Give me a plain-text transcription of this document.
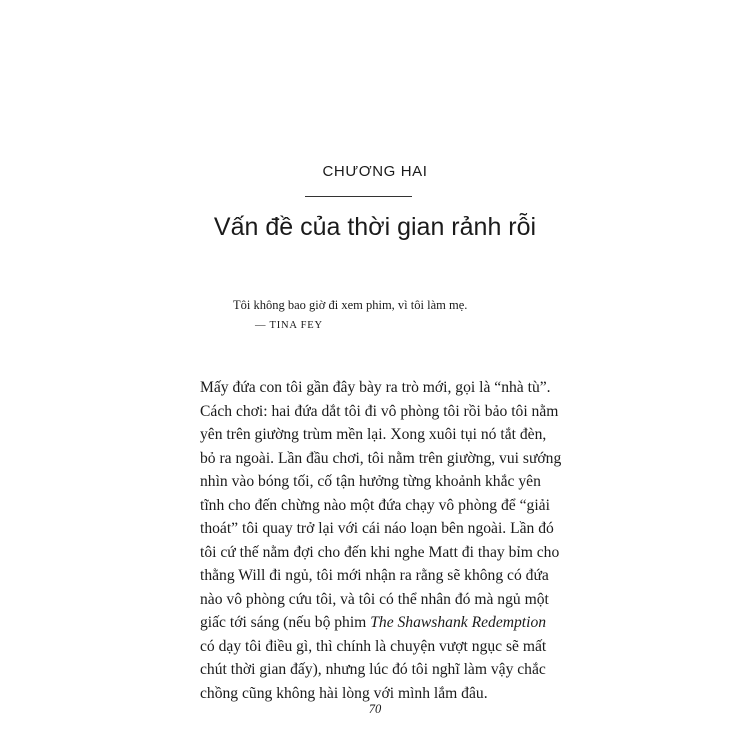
CHƯƠNG HAI
Vấn đề của thời gian rảnh rỗi
Tôi không bao giờ đi xem phim, vì tôi làm mẹ.
— TINA FEY
Mấy đứa con tôi gần đây bày ra trò mới, gọi là “nhà tù”.
Cách chơi: hai đứa dắt tôi đi vô phòng tôi rồi bảo tôi nằm
yên trên giường trùm mền lại. Xong xuôi tụi nó tắt đèn,
bỏ ra ngoài. Lần đầu chơi, tôi nằm trên giường, vui sướng
nhìn vào bóng tối, cố tận hưởng từng khoảnh khắc yên
tĩnh cho đến chừng nào một đứa chạy vô phòng để “giải
thoát” tôi quay trở lại với cái náo loạn bên ngoài. Lần đó
tôi cứ thế nằm đợi cho đến khi nghe Matt đi thay bỉm cho
thằng Will đi ngủ, tôi mới nhận ra rằng sẽ không có đứa
nào vô phòng cứu tôi, và tôi có thể nhân đó mà ngủ một
giấc tới sáng (nếu bộ phim The Shawshank Redemption
có dạy tôi điều gì, thì chính là chuyện vượt ngục sẽ mất
chút thời gian đấy), nhưng lúc đó tôi nghĩ làm vậy chắc
chồng cũng không hài lòng với mình lắm đâu.
70
